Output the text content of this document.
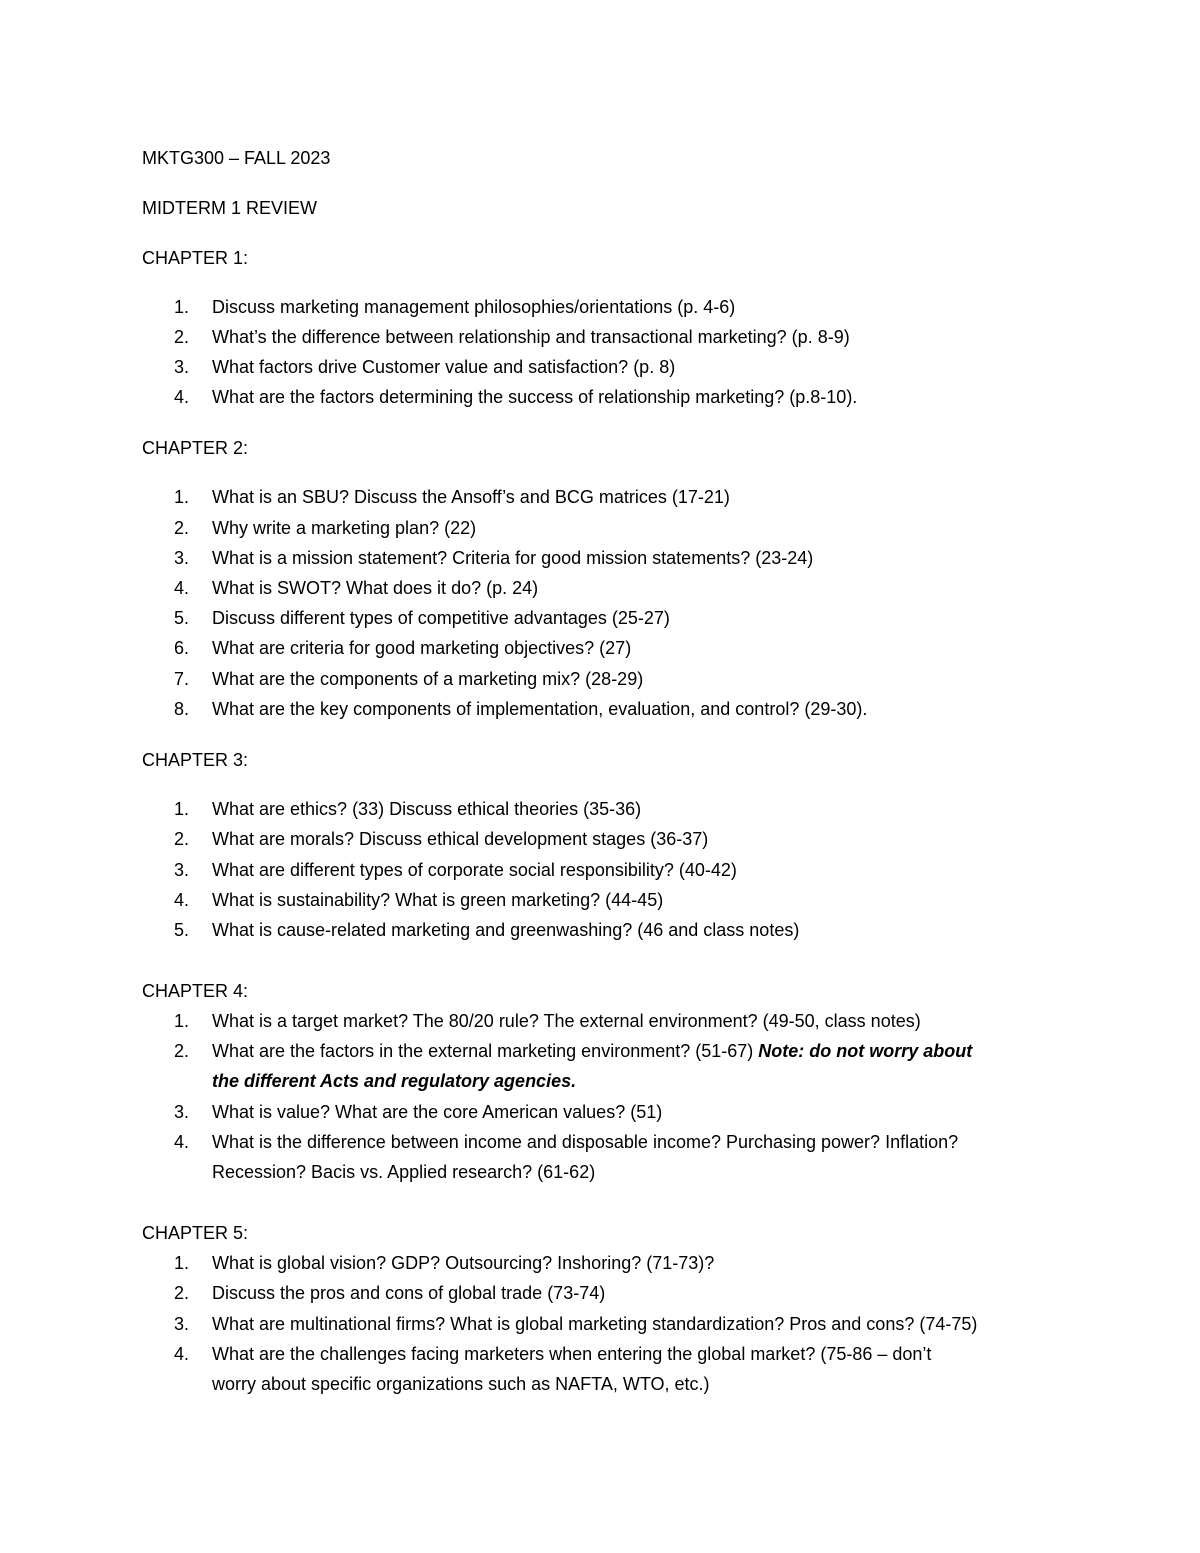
MKTG300 – FALL 2023
MIDTERM 1 REVIEW
CHAPTER 1:
1. Discuss marketing management philosophies/orientations (p. 4-6)
2. What’s the difference between relationship and transactional marketing? (p. 8-9)
3. What factors drive Customer value and satisfaction? (p. 8)
4. What are the factors determining the success of relationship marketing? (p.8-10).
CHAPTER 2:
1. What is an SBU? Discuss the Ansoff’s and BCG matrices (17-21)
2. Why write a marketing plan? (22)
3. What is a mission statement? Criteria for good mission statements? (23-24)
4. What is SWOT? What does it do? (p. 24)
5. Discuss different types of competitive advantages (25-27)
6. What are criteria for good marketing objectives? (27)
7. What are the components of a marketing mix? (28-29)
8. What are the key components of implementation, evaluation, and control? (29-30).
CHAPTER 3:
1. What are ethics? (33) Discuss ethical theories (35-36)
2. What are morals? Discuss ethical development stages (36-37)
3. What are different types of corporate social responsibility? (40-42)
4. What is sustainability? What is green marketing? (44-45)
5. What is cause-related marketing and greenwashing? (46 and class notes)
CHAPTER 4:
1. What is a target market? The 80/20 rule? The external environment? (49-50, class notes)
2. What are the factors in the external marketing environment? (51-67) Note: do not worry about
the different Acts and regulatory agencies.
3. What is value? What are the core American values? (51)
4. What is the difference between income and disposable income? Purchasing power? Inflation?
Recession? Bacis vs. Applied research? (61-62)
CHAPTER 5:
1. What is global vision? GDP? Outsourcing? Inshoring? (71-73)?
2. Discuss the pros and cons of global trade (73-74)
3. What are multinational firms? What is global marketing standardization? Pros and cons? (74-75)
4. What are the challenges facing marketers when entering the global market? (75-86 – don’t
worry about specific organizations such as NAFTA, WTO, etc.)
